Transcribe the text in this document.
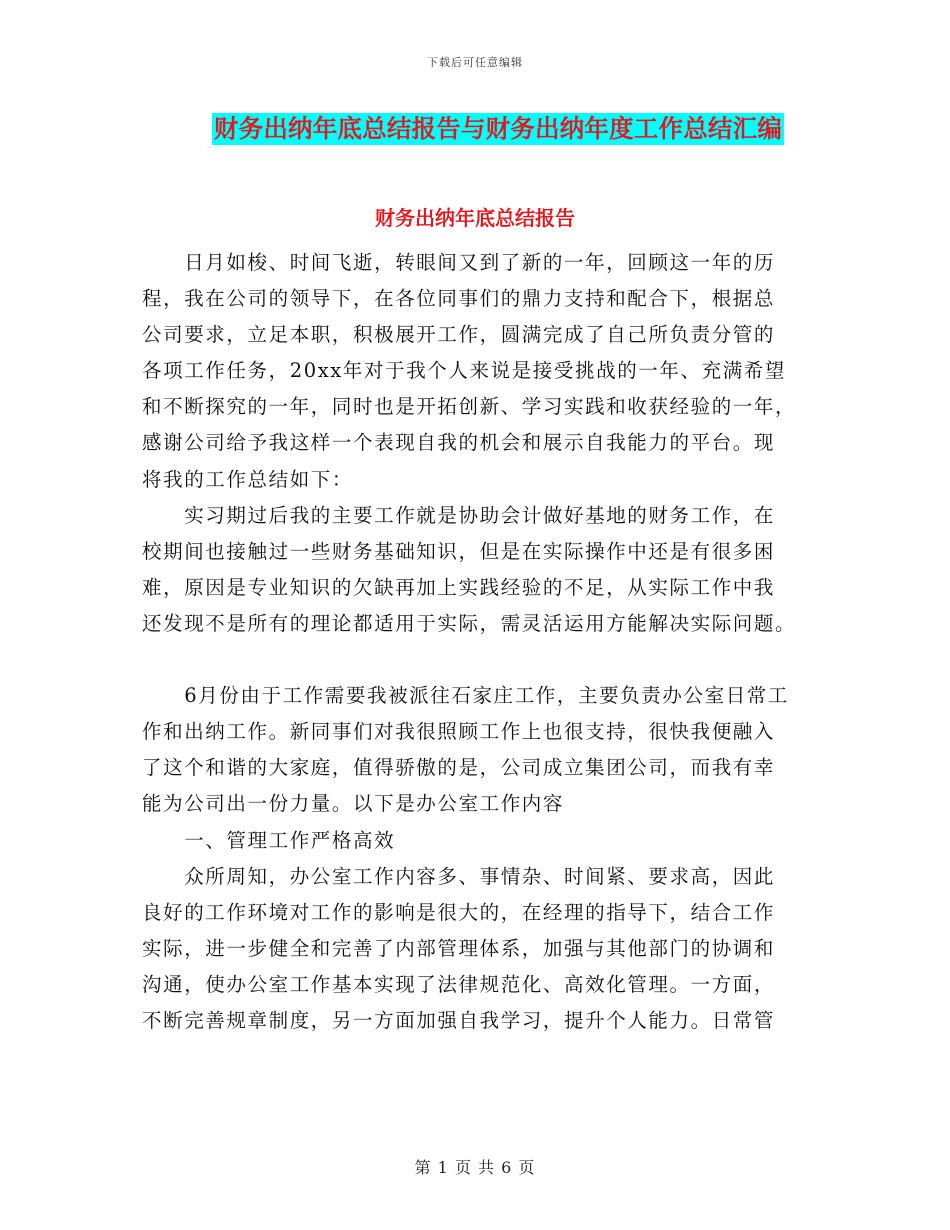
下载后可任意编辑
财务出纳年底总结报告与财务出纳年度工作总结汇编
财务出纳年底总结报告
　　日月如梭、时间飞逝，转眼间又到了新的一年，回顾这一年的历
程，我在公司的领导下，在各位同事们的鼎力支持和配合下，根据总
公司要求，立足本职，积极展开工作，圆满完成了自己所负责分管的
各项工作任务，20xx年对于我个人来说是接受挑战的一年、充满希望
和不断探究的一年，同时也是开拓创新、学习实践和收获经验的一年，
感谢公司给予我这样一个表现自我的机会和展示自我能力的平台。现
将我的工作总结如下：
　　实习期过后我的主要工作就是协助会计做好基地的财务工作，在
校期间也接触过一些财务基础知识，但是在实际操作中还是有很多困
难，原因是专业知识的欠缺再加上实践经验的不足，从实际工作中我
还发现不是所有的理论都适用于实际，需灵活运用方能解决实际问题。
　　6月份由于工作需要我被派往石家庄工作，主要负责办公室日常工
作和出纳工作。新同事们对我很照顾工作上也很支持，很快我便融入
了这个和谐的大家庭，值得骄傲的是，公司成立集团公司，而我有幸
能为公司出一份力量。以下是办公室工作内容
　　一、管理工作严格高效
　　众所周知，办公室工作内容多、事情杂、时间紧、要求高，因此
良好的工作环境对工作的影响是很大的，在经理的指导下，结合工作
实际，进一步健全和完善了内部管理体系，加强与其他部门的协调和
沟通，使办公室工作基本实现了法律规范化、高效化管理。一方面，
不断完善规章制度，另一方面加强自我学习，提升个人能力。日常管
第 1 页 共 6 页
